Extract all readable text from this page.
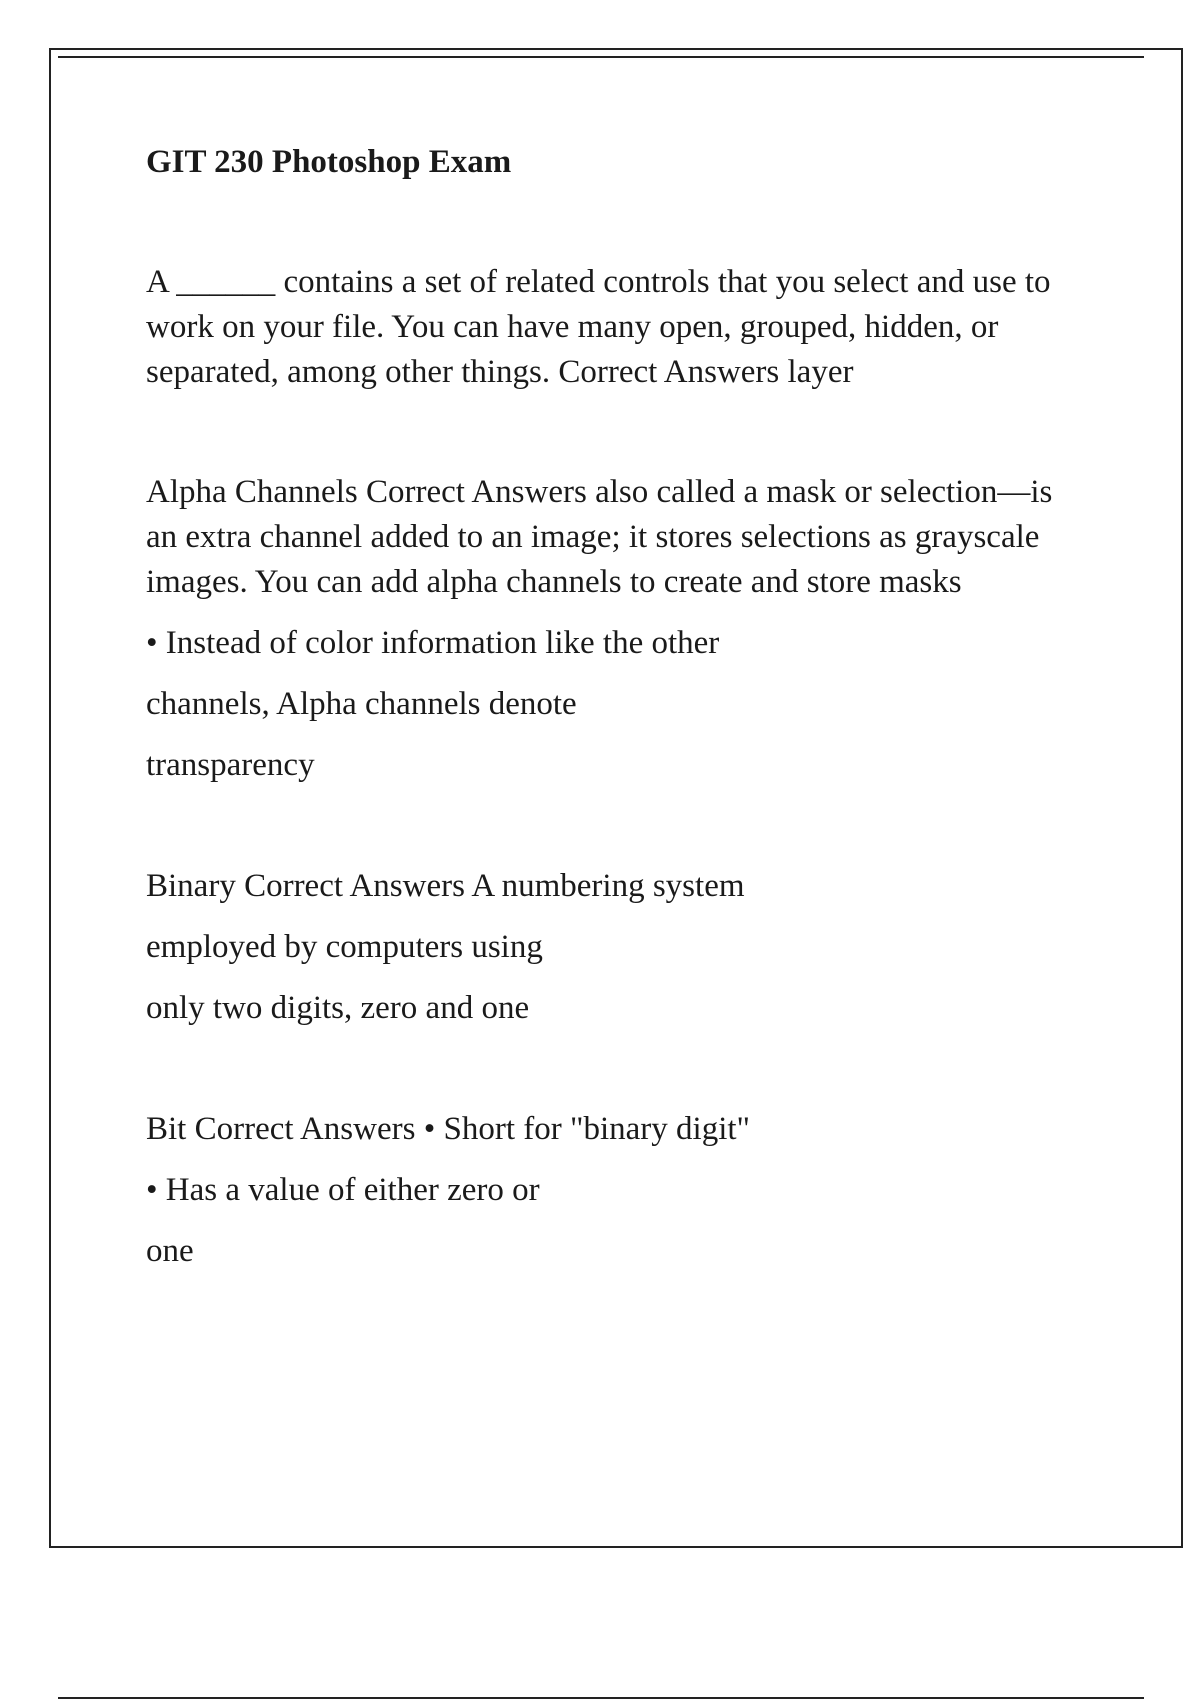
GIT 230 Photoshop Exam

A ______ contains a set of related controls that you select and use to work on your file. You can have many open, grouped, hidden, or separated, among other things. Correct Answers layer

Alpha Channels Correct Answers also called a mask or selection—is an extra channel added to an image; it stores selections as grayscale images. You can add alpha channels to create and store masks

• Instead of color information like the other

channels, Alpha channels denote

transparency

Binary Correct Answers A numbering system

employed by computers using

only two digits, zero and one

Bit Correct Answers • Short for "binary digit"

• Has a value of either zero or

one
